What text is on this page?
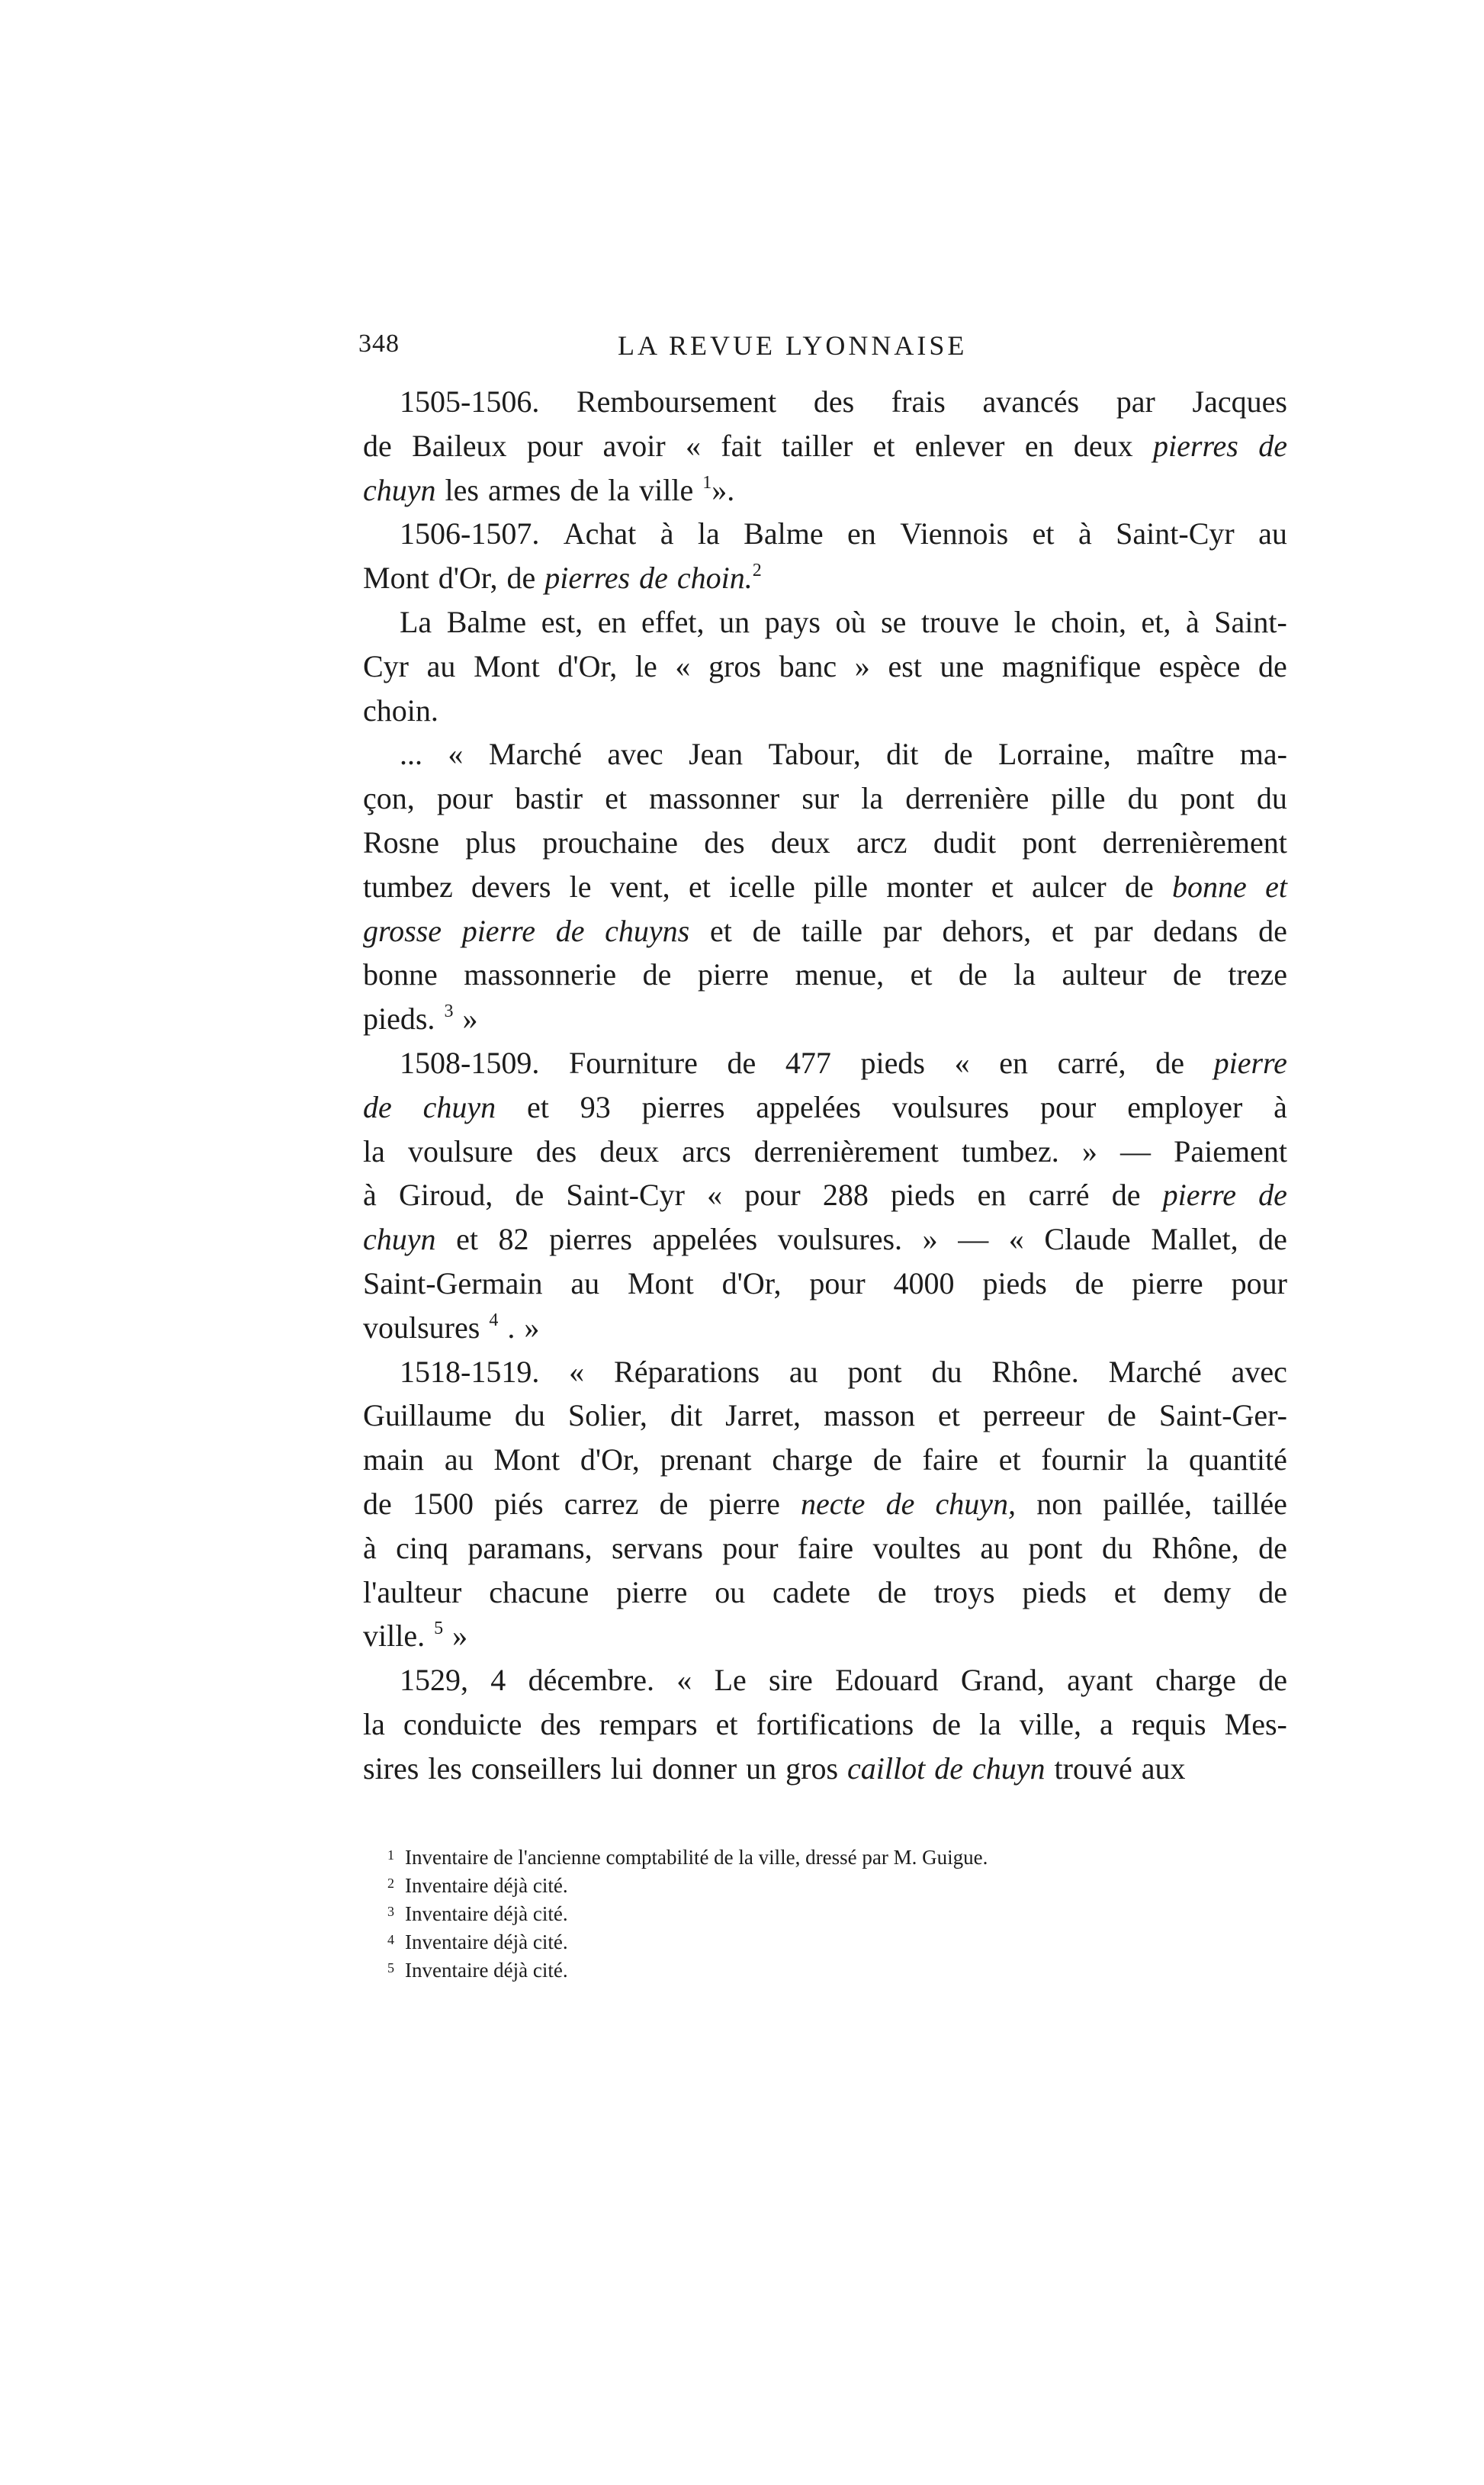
348	LA REVUE LYONNAISE
1505-1506. Remboursement des frais avancés par Jacques
de Baileux pour avoir « fait tailler et enlever en deux pierres de
chuyn les armes de la ville $^1$».
1506-1507. Achat à la Balme en Viennois et à Saint-Cyr au
Mont d'Or, de pierres de choin.$^2$
La Balme est, en effet, un pays où se trouve le choin, et, à Saint-
Cyr au Mont d'Or, le « gros banc » est une magnifique espèce de
choin.
... « Marché avec Jean Tabour, dit de Lorraine, maître ma-
çon, pour bastir et massonner sur la derrenière pille du pont du
Rosne plus prouchaine des deux arcz dudit pont derrenièrement
tumbez devers le vent, et icelle pille monter et aulcer de bonne et
grosse pierre de chuyns et de taille par dehors, et par dedans de
bonne massonnerie de pierre menue, et de la aulteur de treze
pieds. $^3$ »
1508-1509. Fourniture de 477 pieds « en carré, de pierre
de chuyn et 93 pierres appelées voulsures pour employer à
la voulsure des deux arcs derrenièrement tumbez. » — Paiement
à Giroud, de Saint-Cyr « pour 288 pieds en carré de pierre de
chuyn et 82 pierres appelées voulsures. » — « Claude Mallet, de
Saint-Germain au Mont d'Or, pour 4000 pieds de pierre pour
voulsures $^4$ . »
1518-1519. « Réparations au pont du Rhône. Marché avec
Guillaume du Solier, dit Jarret, masson et perreeur de Saint-Ger-
main au Mont d'Or, prenant charge de faire et fournir la quantité
de 1500 piés carrez de pierre necte de chuyn, non paillée, taillée
à cinq paramans, servans pour faire voultes au pont du Rhône, de
l'aulteur chacune pierre ou cadete de troys pieds et demy de
ville. $^5$ »
1529, 4 décembre. « Le sire Edouard Grand, ayant charge de
la conduicte des rempars et fortifications de la ville, a requis Mes-
sires les conseillers lui donner un gros caillot de chuyn trouvé aux
1 Inventaire de l'ancienne comptabilité de la ville, dressé par M. Guigue.
2 Inventaire déjà cité.
3 Inventaire déjà cité.
4 Inventaire déjà cité.
5 Inventaire déjà cité.
